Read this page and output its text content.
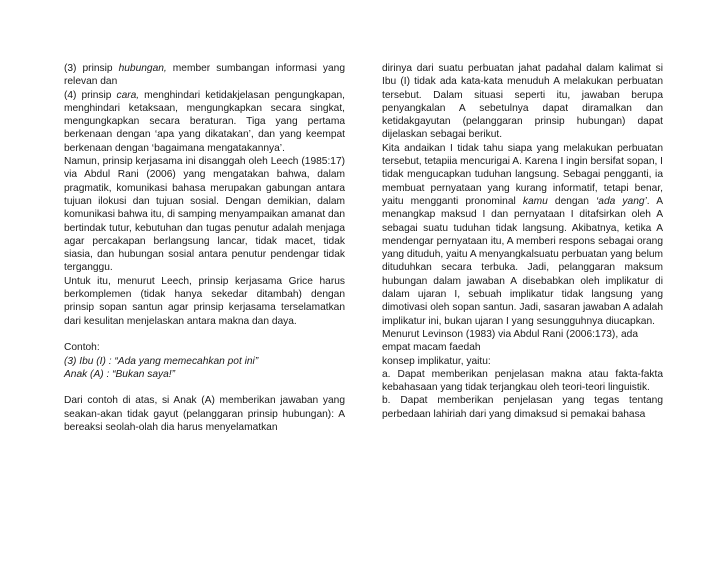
(3) prinsip hubungan, member sumbangan informasi yang relevan dan

(4) prinsip cara, menghindari ketidakjelasan pengungkapan, menghindari ketaksaan, mengungkapkan secara singkat, mengungkapkan secara beraturan. Tiga yang pertama berkenaan dengan ‘apa yang dikatakan’, dan yang keempat berkenaan dengan ‘bagaimana mengatakannya’.

Namun, prinsip kerjasama ini disanggah oleh Leech (1985:17) via Abdul Rani (2006) yang mengatakan bahwa, dalam pragmatik, komunikasi bahasa merupakan gabungan antara tujuan ilokusi dan tujuan sosial. Dengan demikian, dalam komunikasi bahwa itu, di samping menyampaikan amanat dan bertindak tutur, kebutuhan dan tugas penutur adalah menjaga agar percakapan berlangsung lancar, tidak macet, tidak siasia, dan hubungan sosial antara penutur pendengar tidak terganggu.

Untuk itu, menurut Leech, prinsip kerjasama Grice harus berkomplemen (tidak hanya sekedar ditambah) dengan prinsip sopan santun agar prinsip kerjasama terselamatkan dari kesulitan menjelaskan antara makna dan daya.

Contoh:

(3) Ibu (I) : “Ada yang memecahkan pot ini”

Anak (A) : “Bukan saya!”

Dari contoh di atas, si Anak (A) memberikan jawaban yang seakan-akan tidak gayut (pelanggaran prinsip hubungan): A bereaksi seolah-olah dia harus menyelamatkan

dirinya dari suatu perbuatan jahat padahal dalam kalimat si Ibu (I) tidak ada kata-kata menuduh A melakukan perbuatan tersebut. Dalam situasi seperti itu, jawaban berupa penyangkalan A sebetulnya dapat diramalkan dan ketidakgayutan (pelanggaran prinsip hubungan) dapat dijelaskan sebagai berikut.

Kita andaikan I tidak tahu siapa yang melakukan perbuatan tersebut, tetapiia mencurigai A. Karena I ingin bersifat sopan, I tidak mengucapkan tuduhan langsung. Sebagai pengganti, ia membuat pernyataan yang kurang informatif, tetapi benar, yaitu mengganti pronominal kamu dengan ‘ada yang’. A menangkap maksud I dan pernyataan I ditafsirkan oleh A sebagai suatu tuduhan tidak langsung. Akibatnya, ketika A mendengar pernyataan itu, A memberi respons sebagai orang yang dituduh, yaitu A menyangkalsuatu perbuatan yang belum dituduhkan secara terbuka. Jadi, pelanggaran maksum hubungan dalam jawaban A disebabkan oleh implikatur di dalam ujaran I, sebuah implikatur tidak langsung yang dimotivasi oleh sopan santun. Jadi, sasaran jawaban A adalah implikatur ini, bukan ujaran I yang sesungguhnya diucapkan.

Menurut Levinson (1983) via Abdul Rani (2006:173), ada empat macam faedah

konsep implikatur, yaitu:

a. Dapat memberikan penjelasan makna atau fakta-fakta kebahasaan yang tidak terjangkau oleh teori-teori linguistik.

b. Dapat memberikan penjelasan yang tegas tentang perbedaan lahiriah dari yang dimaksud si pemakai bahasa
